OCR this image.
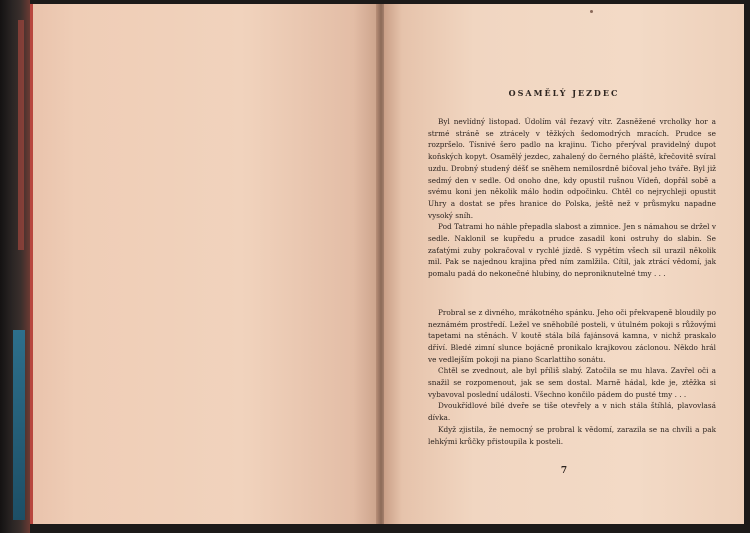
OSAMĚLÝ JEZDEC

Byl nevlídný listopad. Údolím vál řezavý vítr. Zasněžené vrcholky hor a strmé stráně se ztrácely v těžkých šedomodrých mracích. Prudce se rozpršelo. Tísnivé šero padlo na krajinu. Ticho přerýval pravidelný dupot koňských kopyt. Osamělý jezdec, zahalený do černého pláště, křečovitě svíral uzdu. Drobný studený déšť se sněhem nemilosrdně bičoval jeho tváře. Byl již sedmý den v sedle. Od onoho dne, kdy opustil rušnou Vídeň, dopřál sobě a svému koni jen několik málo hodin odpočinku. Chtěl co nejrychleji opustit Uhry a dostat se přes hranice do Polska, ještě než v průsmyku napadne vysoký sníh.

Pod Tatrami ho náhle přepadla slabost a zimnice. Jen s námahou se držel v sedle. Naklonil se kupředu a prudce zasadil koni ostruhy do slabin. Se zaťatými zuby pokračoval v rychlé jízdě. S vypětím všech sil urazil několik mil. Pak se najednou krajina před ním zamlžila. Cítil, jak ztrácí vědomí, jak pomalu padá do nekonečné hlubiny, do neproniknutelné tmy . . .

Probral se z divného, mrákotného spánku. Jeho oči překvapeně bloudily po neznámém prostředí. Ležel ve sněhobílé posteli, v útulném pokoji s růžovými tapetami na stěnách. V koutě stála bílá fajánsová kamna, v nichž praskalo dříví. Bledé zimní slunce bojácně pronikalo krajkovou záclonou. Někdo hrál ve vedlejším pokoji na piano Scarlattiho sonátu.

Chtěl se zvednout, ale byl příliš slabý. Zatočila se mu hlava. Zavřel oči a snažil se rozpomenout, jak se sem dostal. Marně hádal, kde je, ztěžka si vybavoval poslední události. Všechno končilo pádem do pusté tmy . . .

Dvoukřídlové bílé dveře se tiše otevřely a v nich stála štíhlá, plavovlasá dívka.

Když zjistila, že nemocný se probral k vědomí, zarazila se na chvíli a pak lehkými krůčky přistoupila k posteli.

7
